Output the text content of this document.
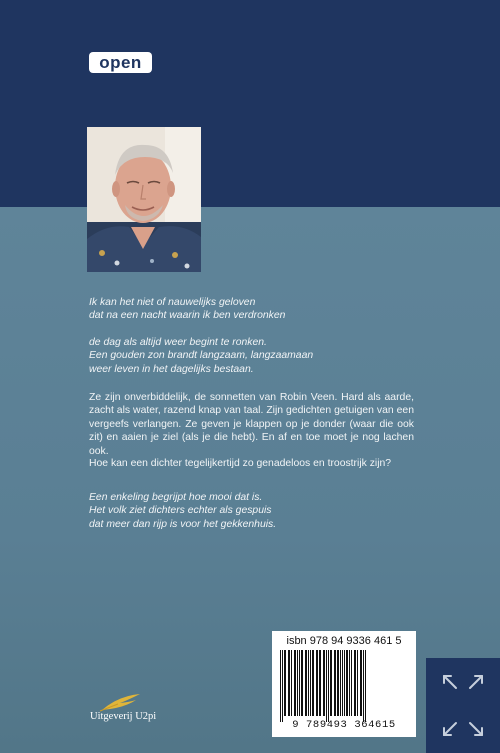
open
Ik kan het niet of nauwelijks geloven
dat na een nacht waarin ik ben verdronken
de dag als altijd weer begint te ronken.
Een gouden zon brandt langzaam, langzaamaan
weer leven in het dagelijks bestaan.
Ze zijn onverbiddelijk, de sonnetten van Robin Veen. Hard als aarde, zacht als water, razend knap van taal. Zijn gedichten getuigen van een vergeefs verlangen. Ze geven je klappen op je donder (waar die ook zit) en aaien je ziel (als je die hebt). En af en toe moet je nog lachen ook.
Hoe kan een dichter tegelijkertijd zo genadeloos en troostrijk zijn?
Een enkeling begrijpt hoe mooi dat is.
Het volk ziet dichters echter als gespuis
dat meer dan rijp is voor het gekkenhuis.
isbn 978 94 9336 461 5
9 789493 364615
Uitgeverij U2pi
